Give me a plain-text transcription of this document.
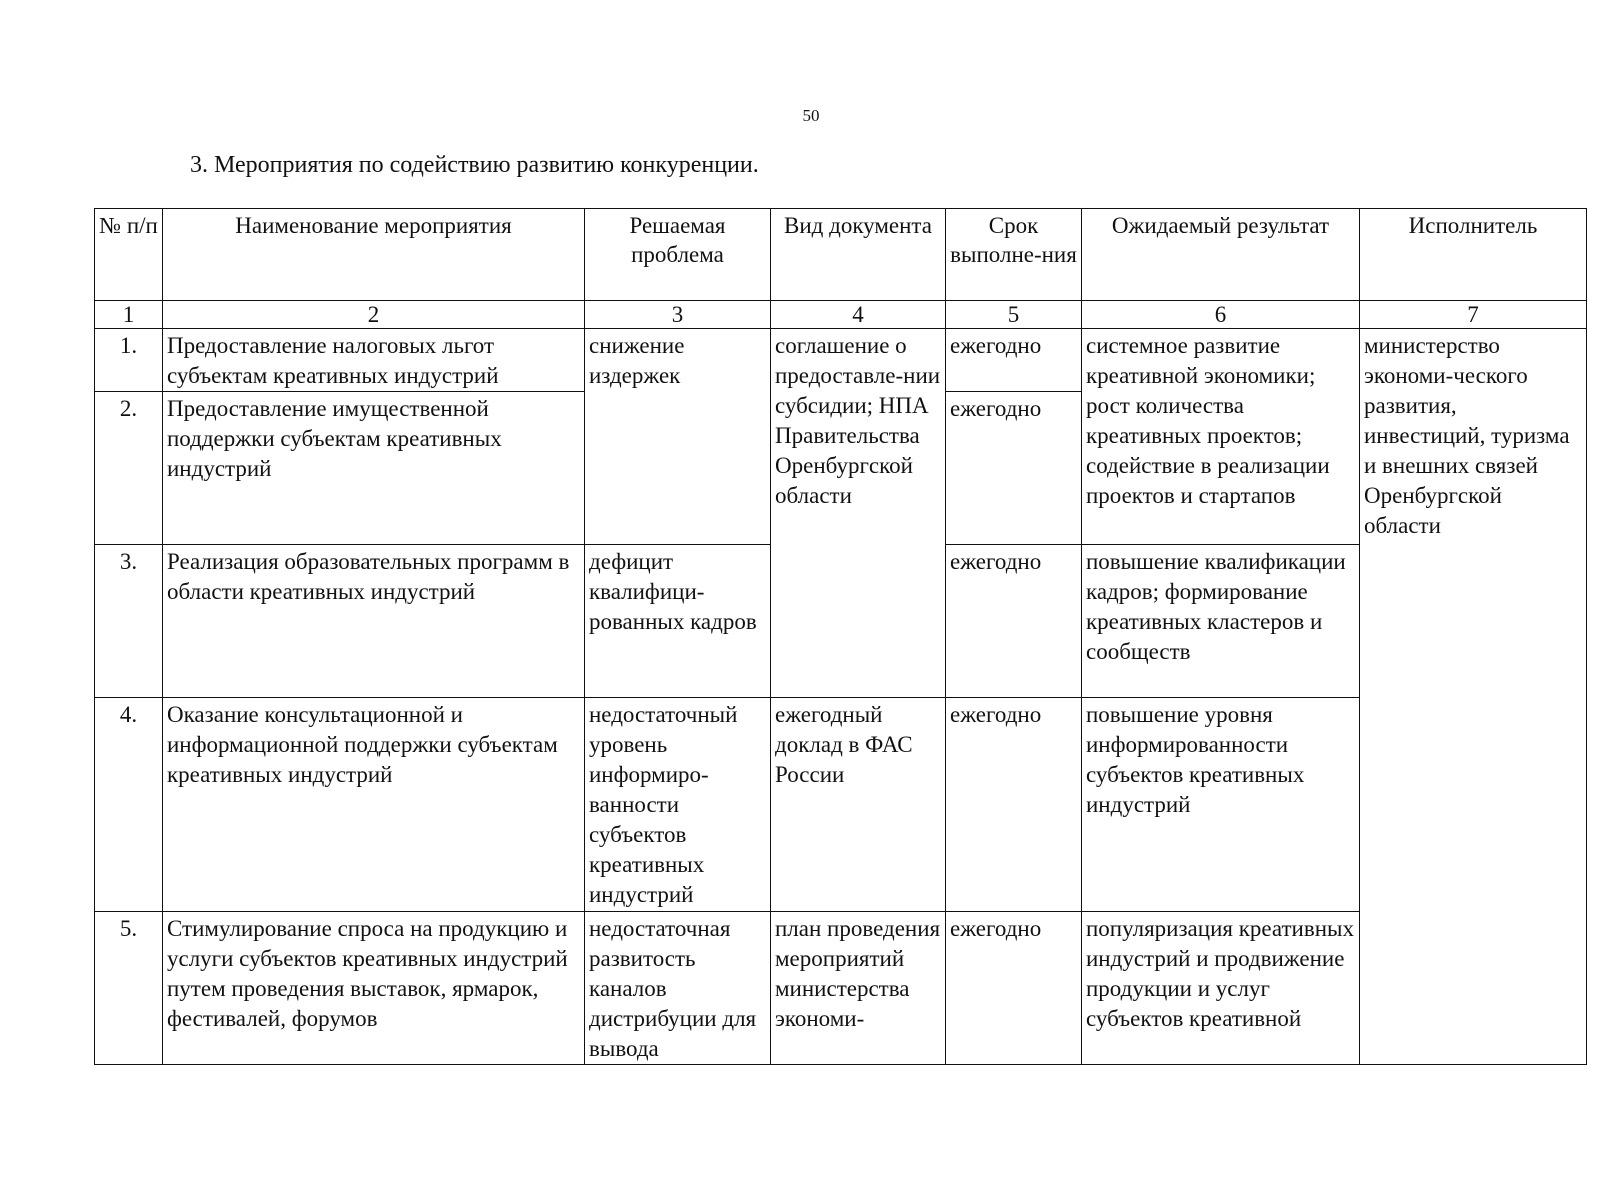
50
3. Мероприятия по содействию развитию конкуренции.
№ п/п	Наименование мероприятия	Решаемая проблема	Вид документа	Срок выполне-ния	Ожидаемый результат	Исполнитель
1	2	3	4	5	6	7
1.	Предоставление налоговых льгот субъектам креативных индустрий	снижение издержек	соглашение о предоставле-нии субсидии; НПА Правительства Оренбургской области	ежегодно	системное развитие креативной экономики; рост количества креативных проектов; содействие в реализации проектов и стартапов	министерство экономи-ческого развития, инвестиций, туризма и внешних связей Оренбургской области
2.	Предоставление имущественной поддержки субъектам креативных индустрий			ежегодно		
3.	Реализация образовательных программ в области креативных индустрий	дефицит квалифици-рованных кадров		ежегодно	повышение квалификации кадров; формирование креативных кластеров и сообществ	
4.	Оказание консультационной и информационной поддержки субъектам креативных индустрий	недостаточный уровень информиро-ванности субъектов креативных индустрий	ежегодный доклад в ФАС России	ежегодно	повышение уровня информированности субъектов креативных индустрий	
5.	Стимулирование спроса на продукцию и услуги субъектов креативных индустрий путем проведения выставок, ярмарок, фестивалей, форумов	недостаточная развитость каналов дистрибуции для вывода	план проведения мероприятий министерства экономи-	ежегодно	популяризация креативных индустрий и продвижение продукции и услуг субъектов креативной	
